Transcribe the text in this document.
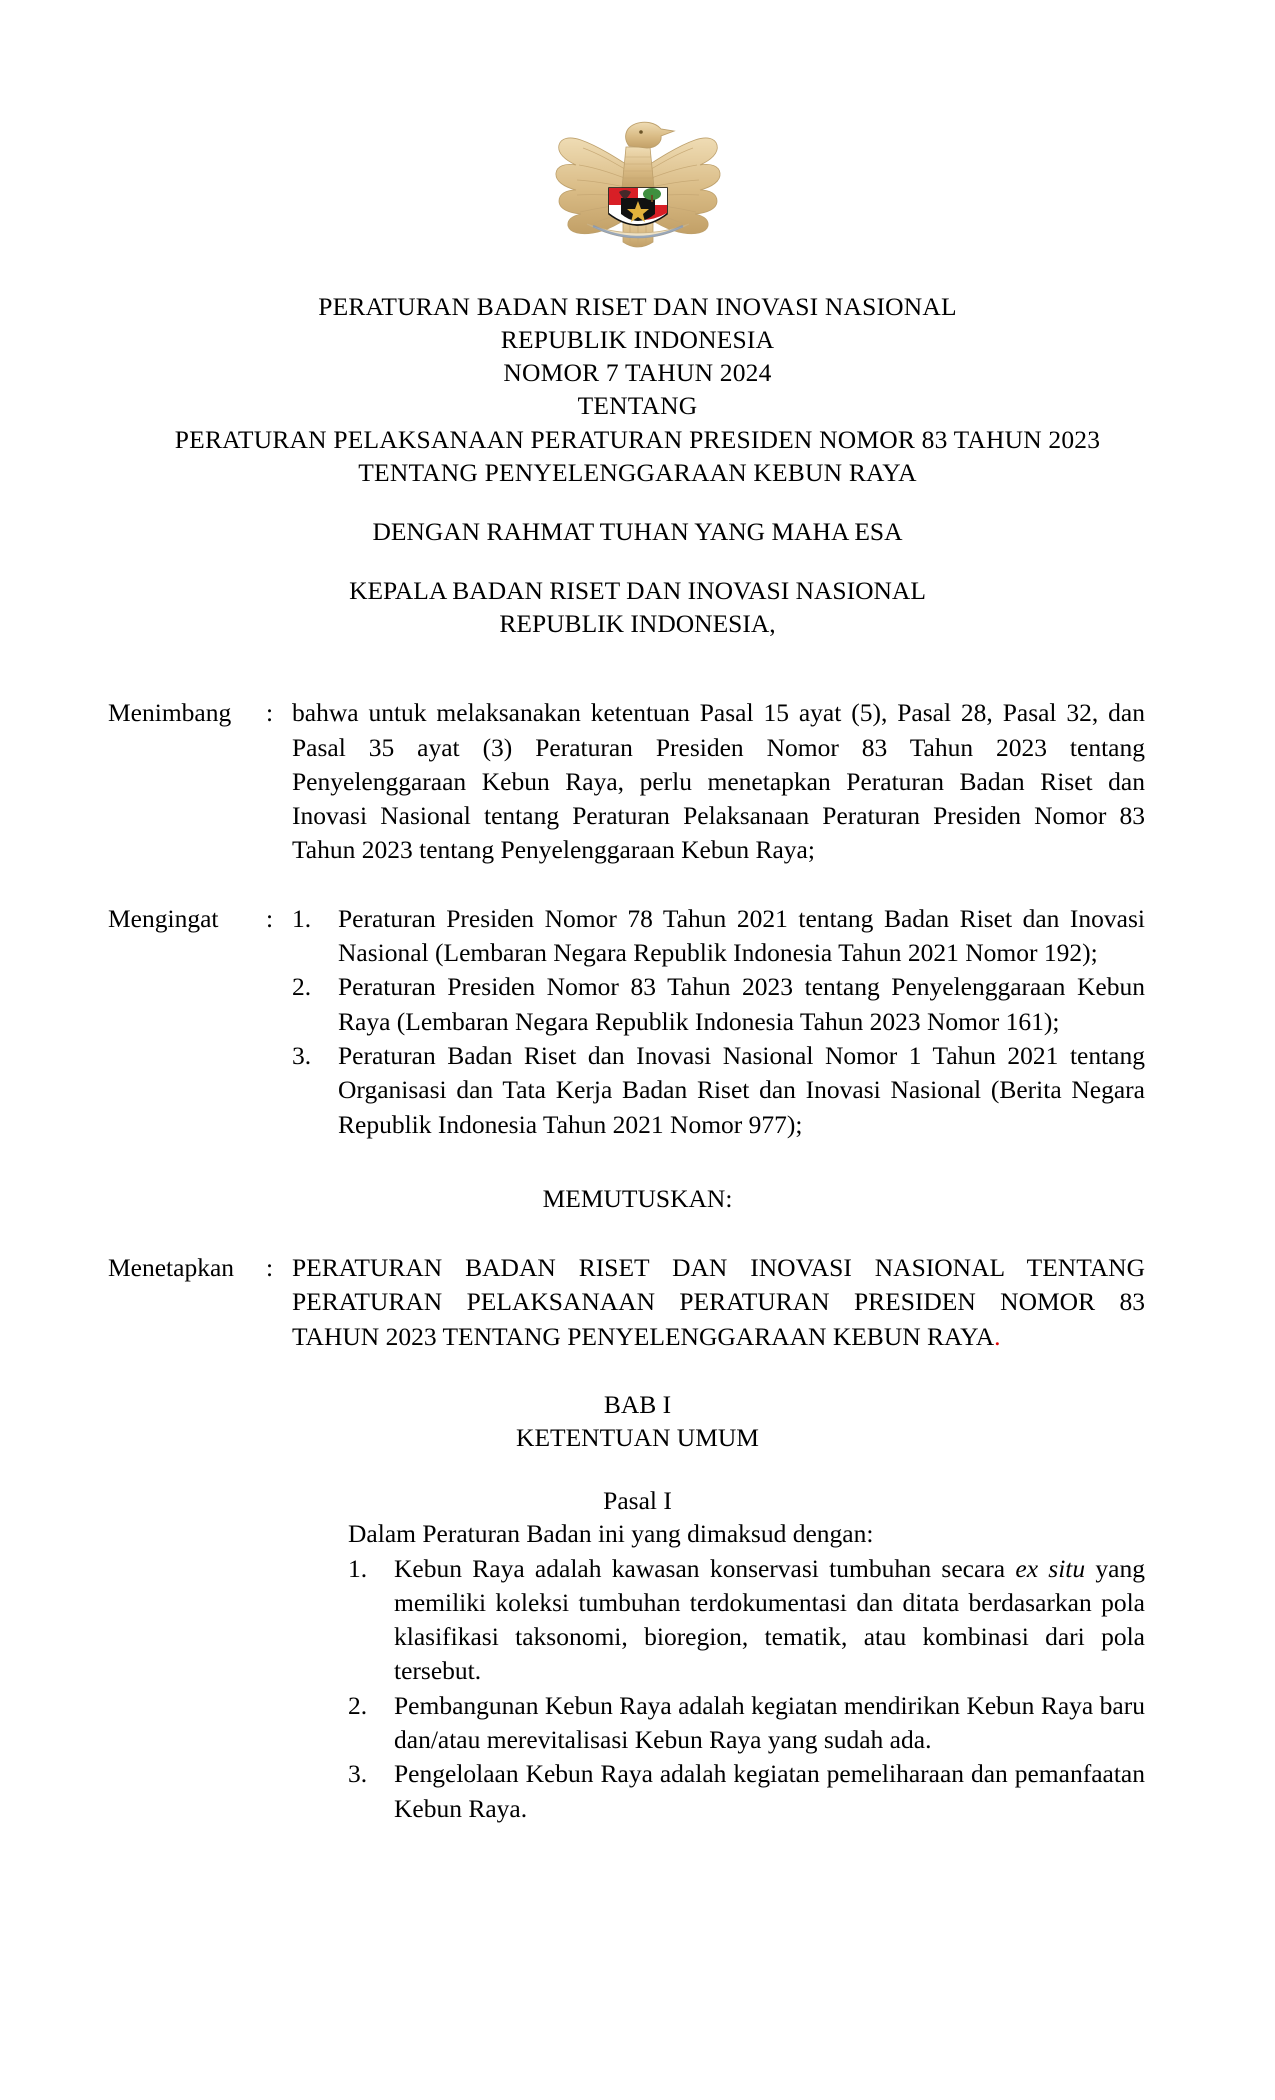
PERATURAN BADAN RISET DAN INOVASI NASIONAL
REPUBLIK INDONESIA
NOMOR 7 TAHUN 2024
TENTANG
PERATURAN PELAKSANAAN PERATURAN PRESIDEN NOMOR 83 TAHUN 2023
TENTANG PENYELENGGARAAN KEBUN RAYA
DENGAN RAHMAT TUHAN YANG MAHA ESA
KEPALA BADAN RISET DAN INOVASI NASIONAL
REPUBLIK INDONESIA,
Menimbang	: bahwa untuk melaksanakan ketentuan Pasal 15 ayat (5), Pasal 28, Pasal 32, dan Pasal 35 ayat (3) Peraturan Presiden Nomor 83 Tahun 2023 tentang Penyelenggaraan Kebun Raya, perlu menetapkan Peraturan Badan Riset dan Inovasi Nasional tentang Peraturan Pelaksanaan Peraturan Presiden Nomor 83 Tahun 2023 tentang Penyelenggaraan Kebun Raya;
Mengingat	: 1.	Peraturan Presiden Nomor 78 Tahun 2021 tentang Badan Riset dan Inovasi Nasional (Lembaran Negara Republik Indonesia Tahun 2021 Nomor 192);
2.	Peraturan Presiden Nomor 83 Tahun 2023 tentang Penyelenggaraan Kebun Raya (Lembaran Negara Republik Indonesia Tahun 2023 Nomor 161);
3.	Peraturan Badan Riset dan Inovasi Nasional Nomor 1 Tahun 2021 tentang Organisasi dan Tata Kerja Badan Riset dan Inovasi Nasional (Berita Negara Republik Indonesia Tahun 2021 Nomor 977);
MEMUTUSKAN:
Menetapkan	: PERATURAN BADAN RISET DAN INOVASI NASIONAL TENTANG PERATURAN PELAKSANAAN PERATURAN PRESIDEN NOMOR 83 TAHUN 2023 TENTANG PENYELENGGARAAN KEBUN RAYA.
BAB I
KETENTUAN UMUM
Pasal I

Dalam Peraturan Badan ini yang dimaksud dengan:

1.	Kebun Raya adalah kawasan konservasi tumbuhan secara ex situ yang memiliki koleksi tumbuhan terdokumentasi dan ditata berdasarkan pola klasifikasi taksonomi, bioregion, tematik, atau kombinasi dari pola tersebut.
2.	Pembangunan Kebun Raya adalah kegiatan mendirikan Kebun Raya baru dan/atau merevitalisasi Kebun Raya yang sudah ada.
3.	Pengelolaan Kebun Raya adalah kegiatan pemeliharaan dan pemanfaatan Kebun Raya.
